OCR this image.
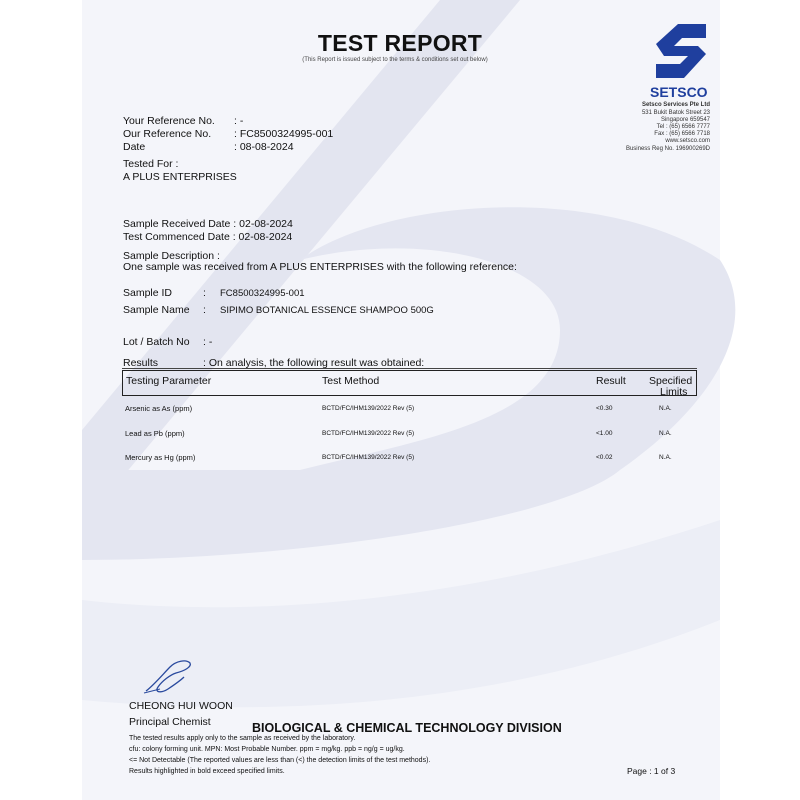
TEST REPORT
(This Report is issued subject to the terms & conditions set out below)
SETSCO
Setsco Services Pte Ltd
531 Bukit Batok Street 23
Singapore 659547
Tel : (65) 6566 7777
Fax : (65) 6566 7718
www.setsco.com
Business Reg No. 196900269D
Your Reference No. : -
Our Reference No. : FC8500324995-001
Date	: 08-08-2024
Tested For :
A PLUS ENTERPRISES
Sample Received Date : 02-08-2024
Test Commenced Date : 02-08-2024
Sample Description :
One sample was received from A PLUS ENTERPRISES with the following reference:
Sample ID	: FC8500324995-001
Sample Name : SIPIMO BOTANICAL ESSENCE SHAMPOO 500G
Lot / Batch No : -
Results	: On analysis, the following result was obtained:
Testing Parameter	Test Method	Result Specified
Limits
Arsenic as As (ppm)	BCTD/FC/IHM139/2022 Rev (5)	<0.30	N.A.
Lead as Pb (ppm)	BCTD/FC/IHM139/2022 Rev (5)	<1.00	N.A.
Mercury as Hg (ppm)	BCTD/FC/IHM139/2022 Rev (5)	<0.02	N.A.
CHEONG HUI WOON
Principal Chemist	BIOLOGICAL & CHEMICAL TECHNOLOGY DIVISION
The tested results apply only to the sample as received by the laboratory.
cfu: colony forming unit. MPN: Most Probable Number. ppm = mg/kg. ppb = ng/g = ug/kg.
<= Not Detectable (The reported values are less than (<) the detection limits of the test methods).
Results highlighted in bold exceed specified limits.	Page : 1 of 3
